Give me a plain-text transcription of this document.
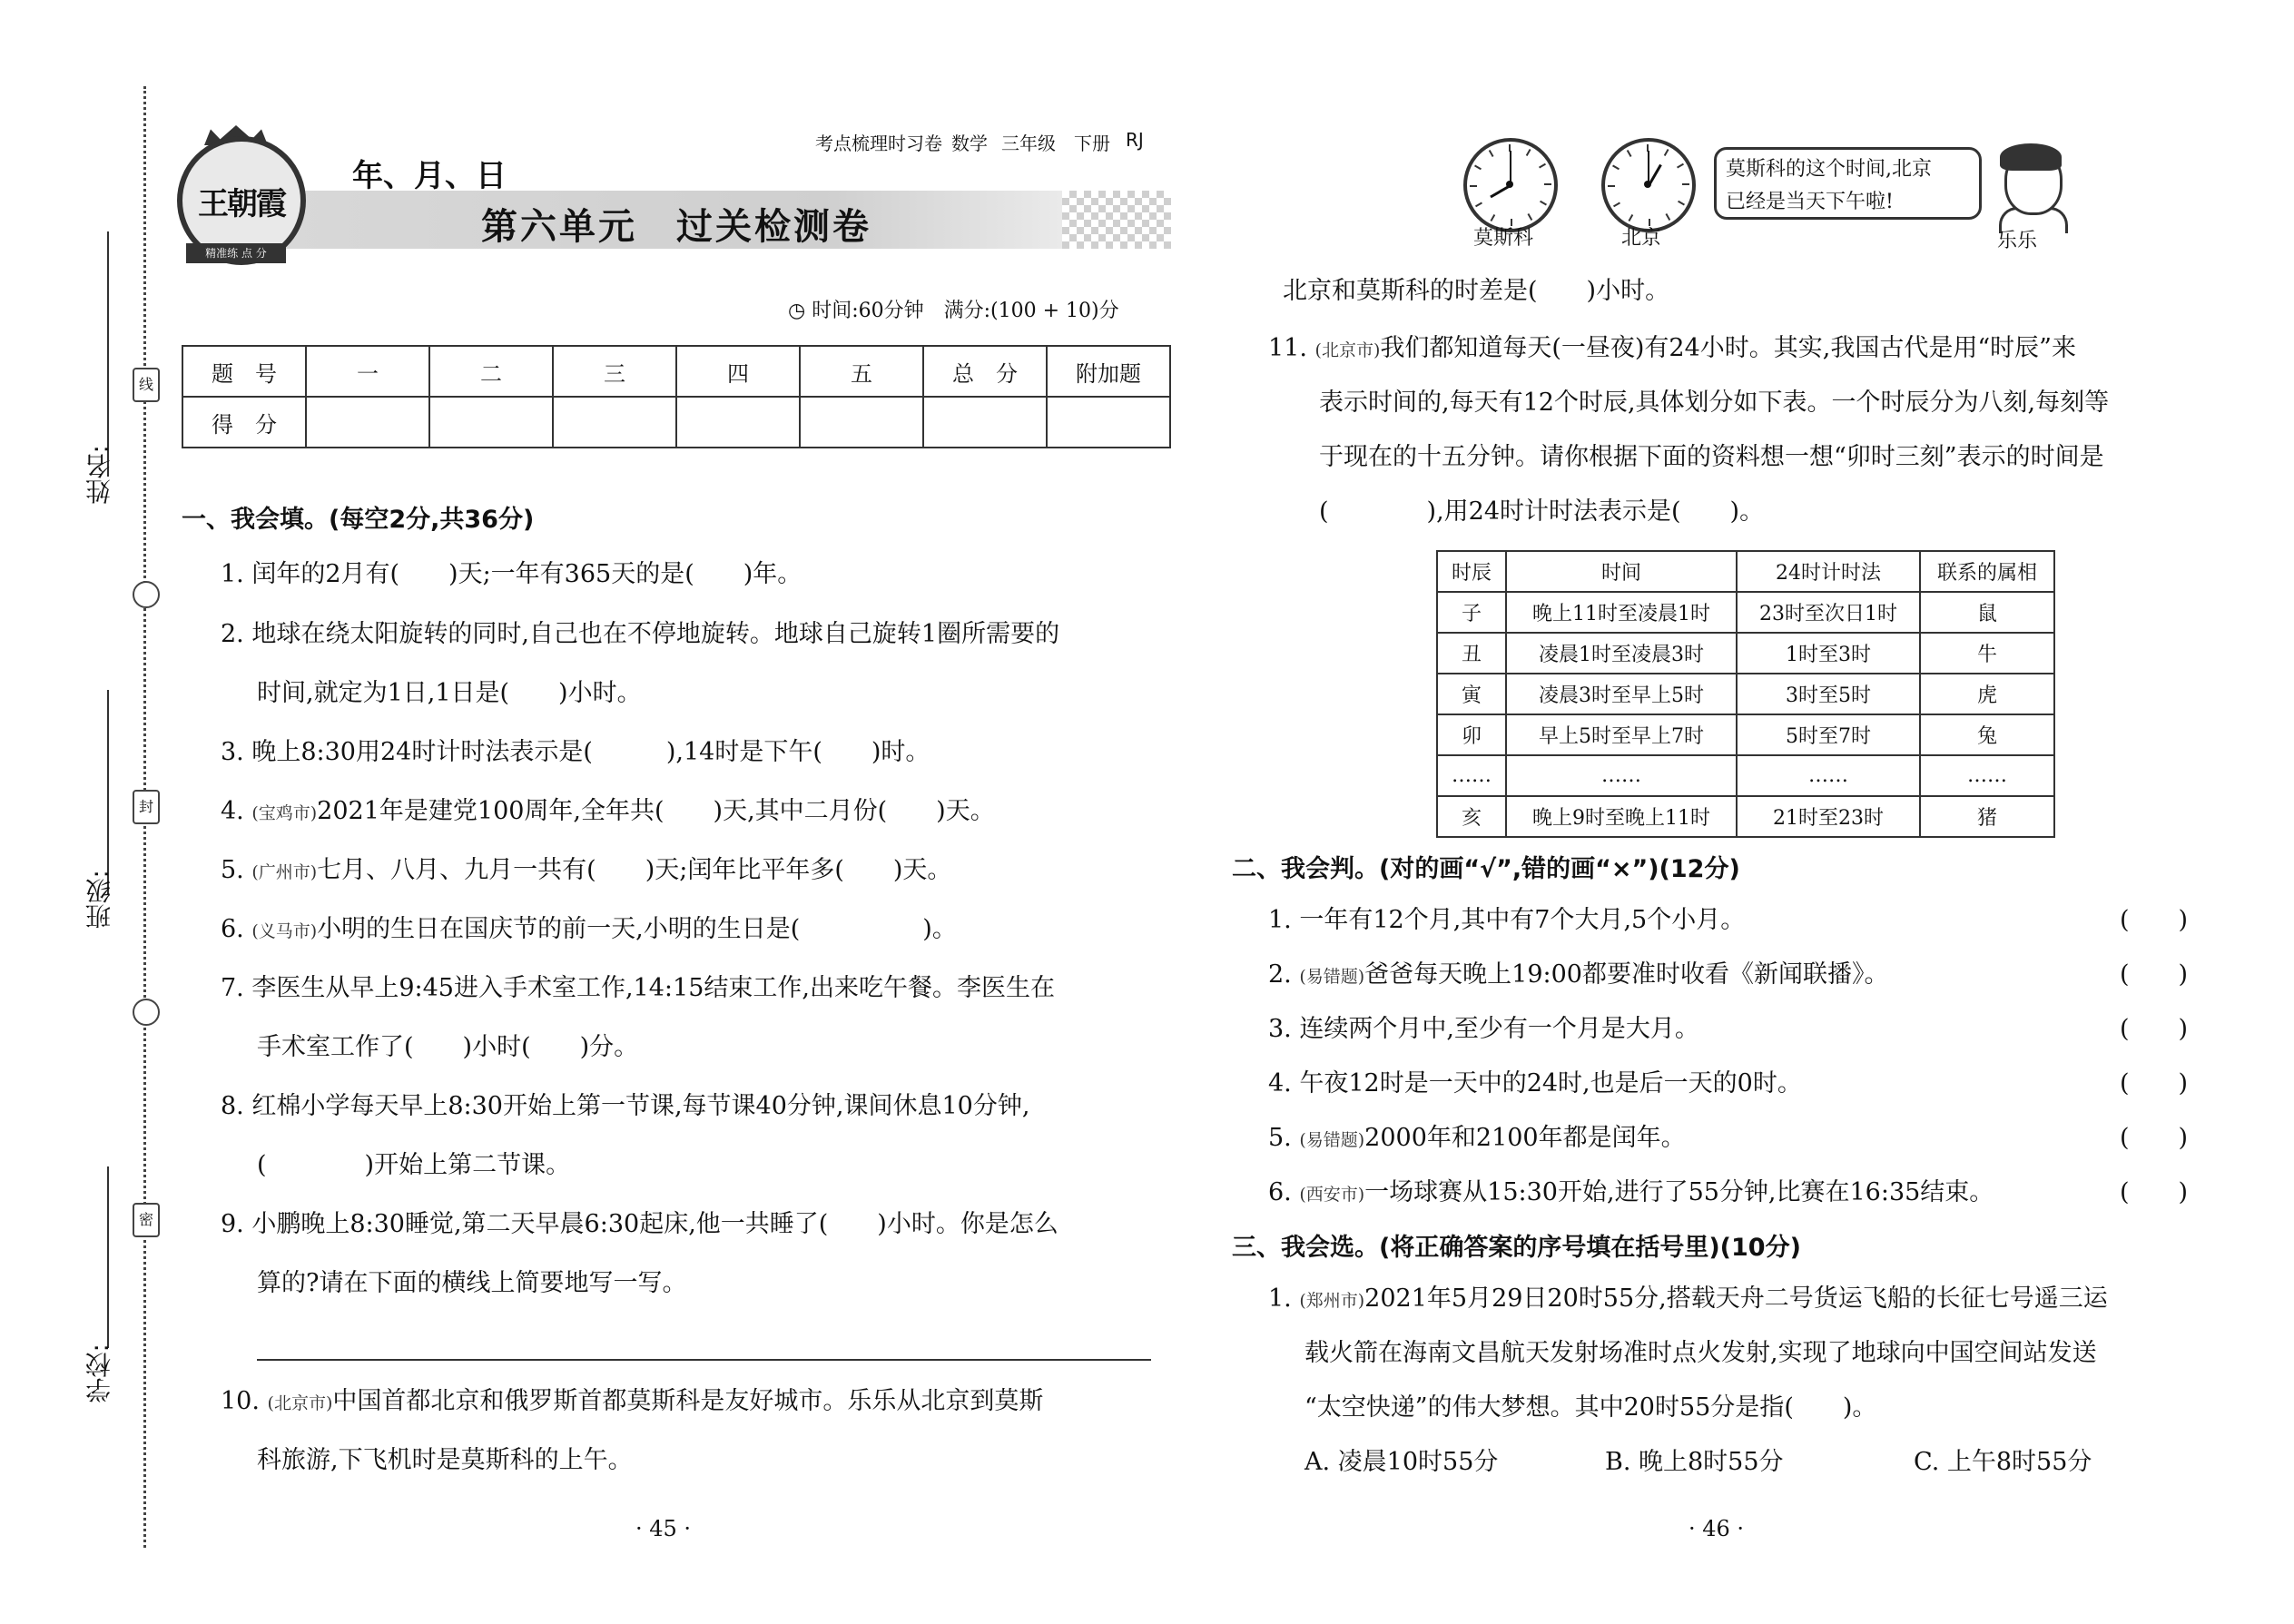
姓名:
班级:
学校:
线
封
密
王朝霞
精准练 点 分
年、月、日
第六单元　过关检测卷
考点梳理时习卷 数学 三年级 下册 RJ
◷ 时间:60分钟　满分:(100 + 10)分
题　号	一	二	三	四	五	总　分	附加题
得　分							
一、我会填。(每空2分,共36分)
1. 闰年的2月有(　　)天;一年有365天的是(　　)年。
2. 地球在绕太阳旋转的同时,自己也在不停地旋转。地球自己旋转1圈所需要的
时间,就定为1日,1日是(　　)小时。
3. 晚上8:30用24时计时法表示是(　　　),14时是下午(　　)时。
4. (宝鸡市)2021年是建党100周年,全年共(　　)天,其中二月份(　　)天。
5. (广州市)七月、八月、九月一共有(　　)天;闰年比平年多(　　)天。
6. (义马市)小明的生日在国庆节的前一天,小明的生日是(　　　　　)。
7. 李医生从早上9:45进入手术室工作,14:15结束工作,出来吃午餐。李医生在
手术室工作了(　　)小时(　　)分。
8. 红棉小学每天早上8:30开始上第一节课,每节课40分钟,课间休息10分钟,
(　　　　)开始上第二节课。
9. 小鹏晚上8:30睡觉,第二天早晨6:30起床,他一共睡了(　　)小时。你是怎么
算的?请在下面的横线上简要地写一写。
10. (北京市)中国首都北京和俄罗斯首都莫斯科是友好城市。乐乐从北京到莫斯
科旅游,下飞机时是莫斯科的上午。
· 45 ·
莫斯科	北京
莫斯科的这个时间,北京
已经是当天下午啦!
乐乐
北京和莫斯科的时差是(　　)小时。
11. (北京市)我们都知道每天(一昼夜)有24小时。其实,我国古代是用“时辰”来
表示时间的,每天有12个时辰,具体划分如下表。一个时辰分为八刻,每刻等
于现在的十五分钟。请你根据下面的资料想一想“卯时三刻”表示的时间是
(　　　　),用24时计时法表示是(　　)。
时辰	时间	24时计时法	联系的属相
子	晚上11时至凌晨1时	23时至次日1时	鼠
丑	凌晨1时至凌晨3时	1时至3时	牛
寅	凌晨3时至早上5时	3时至5时	虎
卯	早上5时至早上7时	5时至7时	兔
……	……	……	……
亥	晚上9时至晚上11时	21时至23时	猪
二、我会判。(对的画“√”,错的画“×”)(12分)
1. 一年有12个月,其中有7个大月,5个小月。	(　　)
2. (易错题)爸爸每天晚上19:00都要准时收看《新闻联播》。	(　　)
3. 连续两个月中,至少有一个月是大月。	(　　)
4. 午夜12时是一天中的24时,也是后一天的0时。	(　　)
5. (易错题)2000年和2100年都是闰年。	(　　)
6. (西安市)一场球赛从15:30开始,进行了55分钟,比赛在16:35结束。	(　　)
三、我会选。(将正确答案的序号填在括号里)(10分)
1. (郑州市)2021年5月29日20时55分,搭载天舟二号货运飞船的长征七号遥三运
载火箭在海南文昌航天发射场准时点火发射,实现了地球向中国空间站发送
“太空快递”的伟大梦想。其中20时55分是指(　　)。
A. 凌晨10时55分	B. 晚上8时55分	C. 上午8时55分
· 46 ·
